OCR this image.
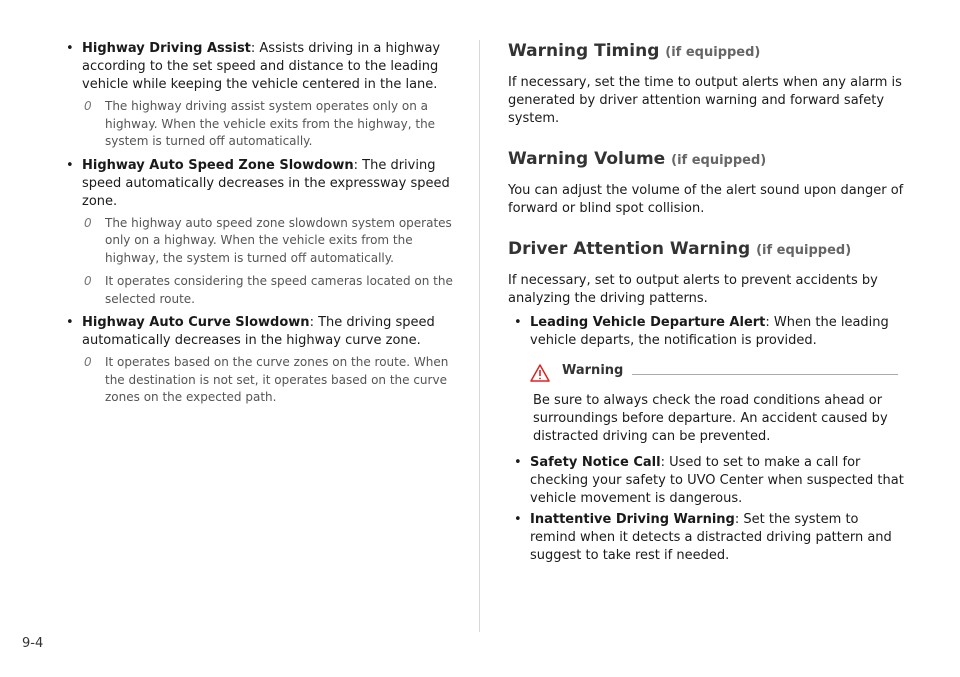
• Highway Driving Assist: Assists driving in a highway according to the set speed and distance to the leading vehicle while keeping the vehicle centered in the lane.
0 The highway driving assist system operates only on a highway. When the vehicle exits from the highway, the system is turned off automatically.
• Highway Auto Speed Zone Slowdown: The driving speed automatically decreases in the expressway speed zone.
0 The highway auto speed zone slowdown system operates only on a highway. When the vehicle exits from the highway, the system is turned off automatically.
0 It operates considering the speed cameras located on the selected route.
• Highway Auto Curve Slowdown: The driving speed automatically decreases in the highway curve zone.
0 It operates based on the curve zones on the route. When the destination is not set, it operates based on the curve zones on the expected path.
Warning Timing (if equipped)
If necessary, set the time to output alerts when any alarm is generated by driver attention warning and forward safety system.
Warning Volume (if equipped)
You can adjust the volume of the alert sound upon danger of forward or blind spot collision.
Driver Attention Warning (if equipped)
If necessary, set to output alerts to prevent accidents by analyzing the driving patterns.
• Leading Vehicle Departure Alert: When the leading vehicle departs, the notification is provided.
Warning
Be sure to always check the road conditions ahead or surroundings before departure. An accident caused by distracted driving can be prevented.
• Safety Notice Call: Used to set to make a call for checking your safety to UVO Center when suspected that vehicle movement is dangerous.
• Inattentive Driving Warning: Set the system to remind when it detects a distracted driving pattern and suggest to take rest if needed.
9-4
